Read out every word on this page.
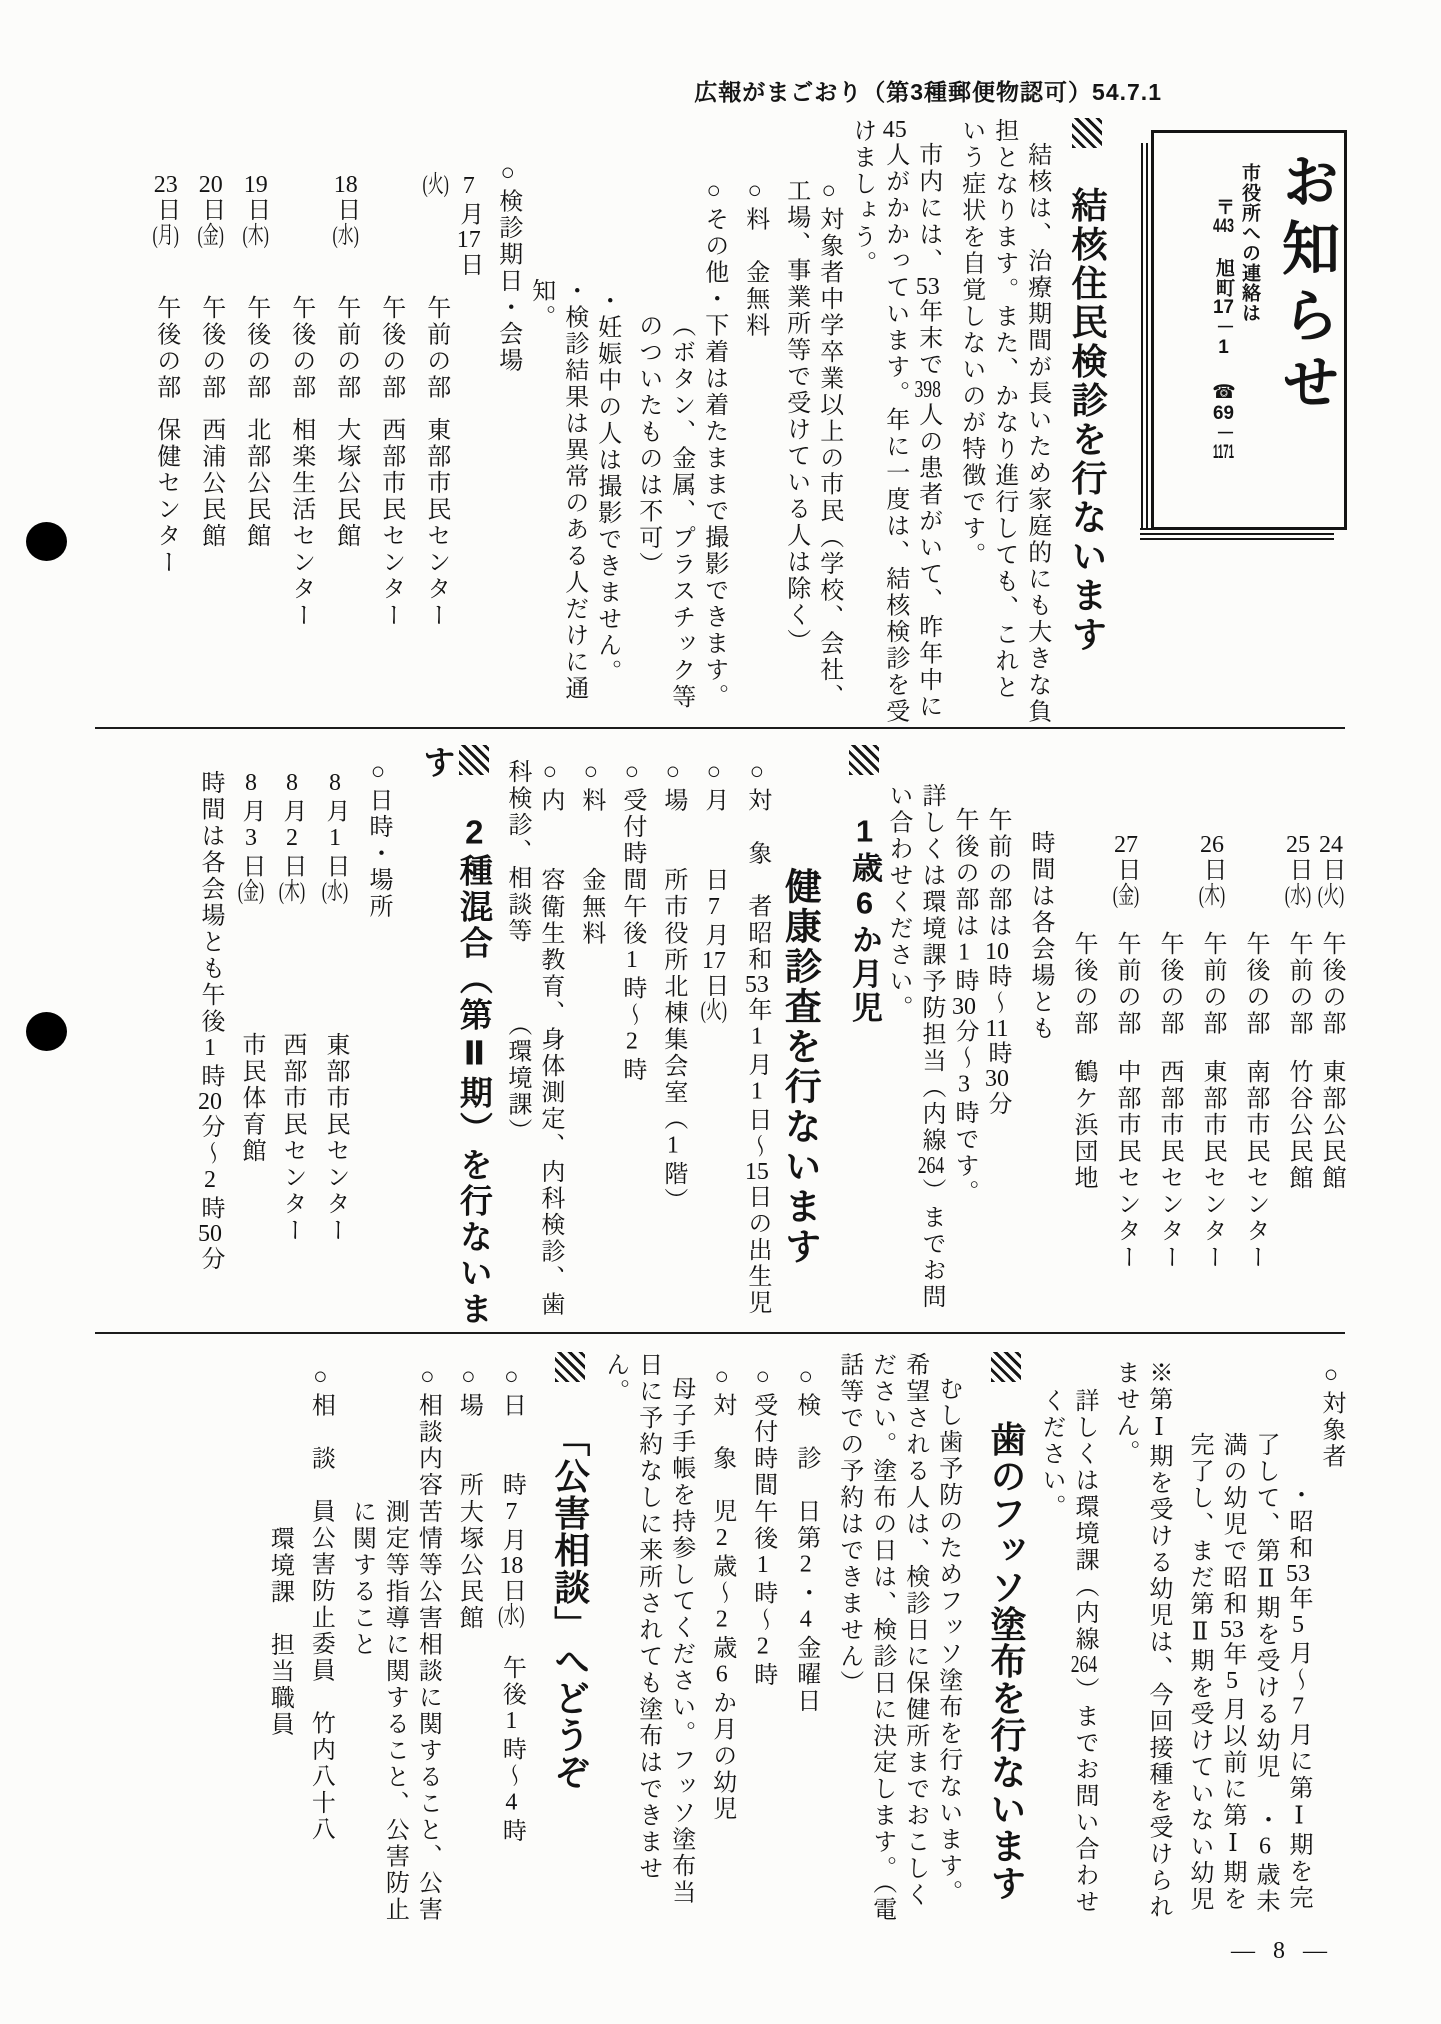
広報がまごおり（第3種郵便物認可）54.7.1
お知らせ
市役所への連絡は
〒443 旭町17－1 ☎69－1171
結核住民検診を行ないます

結核は、治療期間が長いため家庭的にも大きな負担となります。また、かなり進行しても、これという症状を自覚しないのが特徴です。

市内には、53年末で398人の患者がいて、昨年中に45人がかかっています。年に一度は、結核検診を受けましょう。

○対象者中学卒業以上の市民（学校、会社、工場、事業所等で受けている人は除く）
○料　金無料
○その他・下着は着たままで撮影できます。（ボタン、金属、プラスチック等のついたものは不可）

・妊娠中の人は撮影できません。

・検診結果は異常のある人だけに通知。

○検診期日・会場

7月17日(火)午前の部東部市民センター
午後の部西部市民センター
18日(水)午前の部大塚公民館
午後の部相楽生活センター
19日(木)午後の部北部公民館
20日(金)午後の部西浦公民館
23日(月)午後の部保健センター
24日(火)午後の部東部公民館
25日(水)午前の部竹谷公民館
午後の部南部市民センター
26日(木)午前の部東部市民センター
午後の部西部市民センター
27日(金)午前の部中部市民センター
午後の部鶴ケ浜団地

時間は各会場とも

午前の部は10時〜11時30分

午後の部は1時30分〜3時です。

詳しくは環境課予防担当（内線264）までお問い合わせください。

1歳6か月児
健康診査を行ないます
○対　象　者昭和53年1月1日〜15日の出生児
○月　　日7月17日(火)
○場　　所市役所北棟集会室（1階）
○受付時間午後1時〜2時
○料　　金無料
○内　　容衛生教育、身体測定、内科検診、歯科検診、相談等　　　（環境課）
2種混合（第Ⅱ期）を行ないます

○日時・場所

8月1日(水)東部市民センター
8月2日(木)西部市民センター
8月3日(金)市民体育館

時間は各会場とも午後1時20分〜2時50分

○対象者

・昭和53年5月〜7月に第Ⅰ期を完了して、第Ⅱ期を受ける幼児　・6歳未満の幼児で昭和53年5月以前に第Ⅰ期を完了し、まだ第Ⅱ期を受けていない幼児

※第Ⅰ期を受ける幼児は、今回接種を受けられません。

詳しくは環境課（内線264）までお問い合わせください。

歯のフッソ塗布を行ないます

むし歯予防のためフッソ塗布を行ないます。希望される人は、検診日に保健所までおこしください。塗布の日は、検診日に決定します。（電話等での予約はできません）

○検　診　日第2・4金曜日
○受付時間午後1時〜2時
○対　象　児2歳〜2歳6か月の幼児

母子手帳を持参してください。フッソ塗布当日に予約なしに来所されても塗布はできません。

「公害相談」へどうぞ
○日　　時7月18日(水)　午後1時〜4時
○場　　所大塚公民館
○相談内容苦情等公害相談に関すること、公害測定等指導に関すること、公害防止に関すること
○相　談　員公害防止委員　竹内八十八

環境課　担当職員

― 8 ―
